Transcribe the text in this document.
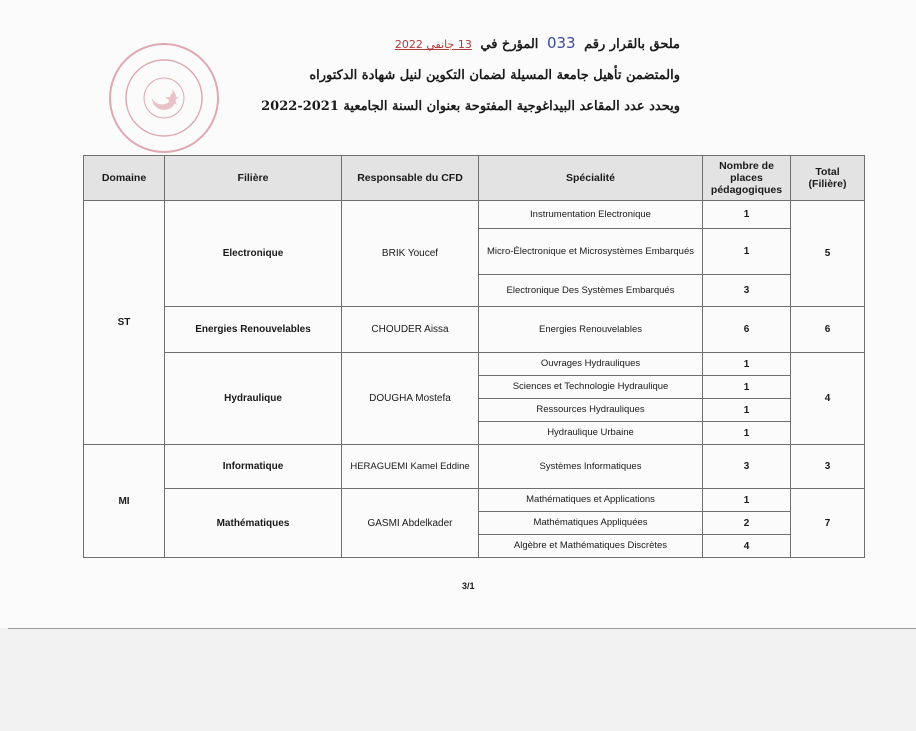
ملحق بالقرار رقم 033 المؤرخ في 13 جانفي 2022
والمتضمن تأهيل جامعة المسيلة لضمان التكوين لنيل شهادة الدكتوراه
ويحدد عدد المقاعد البيداغوجية المفتوحة بعنوان السنة الجامعية 2021-2022
Domaine	Filière	Responsable du CFD	Spécialité	Nombre de places pédagogiques	Total (Filière)
ST	Electronique	BRIK Youcef	Instrumentation Electronique	1	5
			Micro-Électronique et Microsystèmes Embarqués	1	
			Electronique Des Systèmes Embarqués	3	
	Energies Renouvelables	CHOUDER Aissa	Energies Renouvelables	6	6
	Hydraulique	DOUGHA Mostefa	Ouvrages Hydrauliques	1	4
			Sciences et Technologie Hydraulique	1	
			Ressources Hydrauliques	1	
			Hydraulique Urbaine	1	
MI	Informatique	HERAGUEMI Kamel Eddine	Systèmes Informatiques	3	3
	Mathématiques	GASMI Abdelkader	Mathématiques et Applications	1	7
			Mathématiques Appliquées	2	
			Algèbre et Mathématiques Discrètes	4	
3/1
